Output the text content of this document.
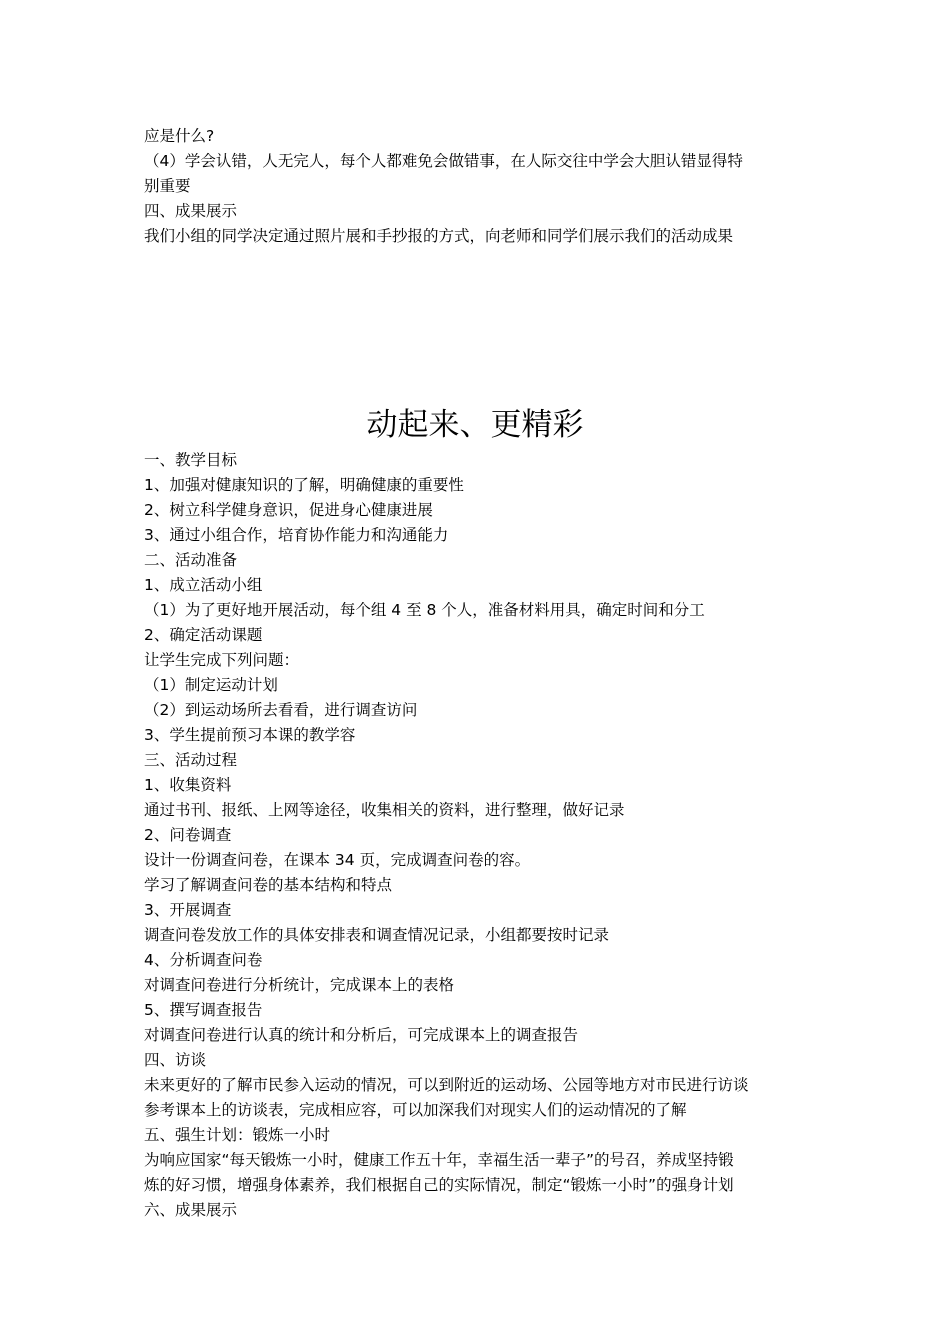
应是什么?
（4）学会认错，人无完人，每个人都难免会做错事，在人际交往中学会大胆认错显得特
别重要
四、成果展示
我们小组的同学决定通过照片展和手抄报的方式，向老师和同学们展示我们的活动成果
动起来、更精彩
一、教学目标
1、加强对健康知识的了解，明确健康的重要性
2、树立科学健身意识，促进身心健康进展
3、通过小组合作，培育协作能力和沟通能力
二、活动准备
1、成立活动小组
（1）为了更好地开展活动，每个组 4 至 8 个人，准备材料用具，确定时间和分工
2、确定活动课题
让学生完成下列问题：
（1）制定运动计划
（2）到运动场所去看看，进行调查访问
3、学生提前预习本课的教学容
三、活动过程
1、收集资料
通过书刊、报纸、上网等途径，收集相关的资料，进行整理，做好记录
2、问卷调查
设计一份调查问卷，在课本 34 页，完成调查问卷的容。
学习了解调查问卷的基本结构和特点
3、开展调查
调查问卷发放工作的具体安排表和调查情况记录，小组都要按时记录
4、分析调查问卷
对调查问卷进行分析统计，完成课本上的表格
5、撰写调查报告
对调查问卷进行认真的统计和分析后，可完成课本上的调查报告
四、访谈
未来更好的了解市民参入运动的情况，可以到附近的运动场、公园等地方对市民进行访谈
参考课本上的访谈表，完成相应容，可以加深我们对现实人们的运动情况的了解
五、强生计划：锻炼一小时
为响应国家“每天锻炼一小时，健康工作五十年，幸福生活一辈子”的号召，养成坚持锻
炼的好习惯，增强身体素养，我们根据自己的实际情况，制定“锻炼一小时”的强身计划
六、成果展示
